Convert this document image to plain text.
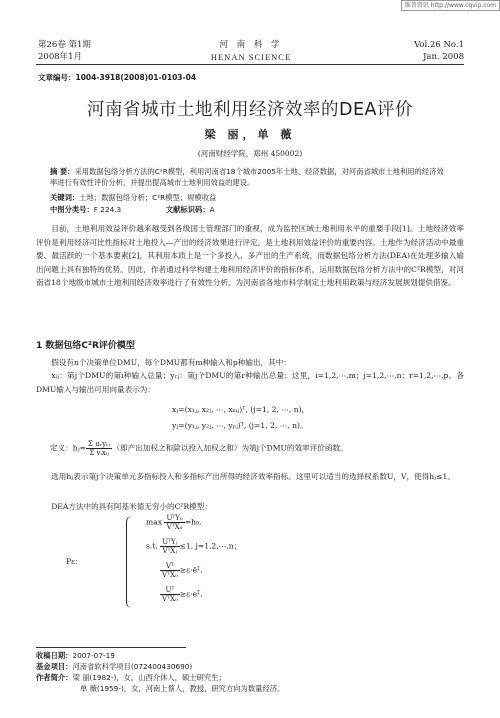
维普资讯 http://www.cqvip.com
第26卷 第1期	河 南 科 学	Vol.26 No.1
2008年1月	HENAN SCIENCE	Jan. 2008
文章编号：1004-3918(2008)01-0103-04
河南省城市土地利用经济效率的DEA评价
梁 丽，单 薇
(河南财经学院，郑州 450002)
摘 要：采用数据包络分析方法的C²R模型，利用河南省18个城市2005年土地、经济数据，对河南省城市土地利用的经济效率进行有效性评价分析，并提出提高城市土地利用效益的建设。
关键词：土地；数据包络分析；C²R模型；规模收益
中图分类号：F 224.3	文献标识码：A
目前，土地利用效益评价越来越受到各级国土管理部门的重视，成为监控区域土地利用水平的重要手段[1]。土地经济效率评价是利用经济可比性指标对土地投入—产出的经济效果进行评定，是土地利用效益评价的重要内容。土地作为经济活动中最重要、最活跃的一个基本要素[2]，其利用本质上是一个多投入、多产出的生产系统，而数据包络分析方法(DEA)在处理多输入输出问题上具有独特的优势。因此，作者通过科学构建土地利用经济评价的指标体系，运用数据包络分析方法中的C²R模型，对河南省18个地级市城市土地利用经济效率进行了有效性分析，为河南省各地市科学制定土地利用政策与经济发展规划提供借鉴。
1 数据包络C²R评价模型
假设有n个决策单位DMU，每个DMU都有m种输入和p种输出，其中：
xᵢⱼ：第j个DMU的第i种输入总量；yᵣⱼ：第j个DMU的第r种输出总量；这里，i=1,2,⋯,m；j=1,2,⋯,n；r=1,2,⋯,p。各DMU输入与输出可用向量表示为：
xⱼ=(x₁ⱼ, x₂ⱼ, ⋯, xₘⱼ)ᵀ, (j=1, 2, ⋯, n)，
yⱼ=(y₁ⱼ, y₂ⱼ, ⋯, yₚⱼ)ᵀ, (j=1, 2, ⋯, n)。
定义：hⱼ= $\frac{\text{Σ uᵣyᵣⱼ}}{\text{Σ vᵢxᵢⱼ}}$ （即产出加权之和除以投入加权之和）为第j个DMU的效率评价函数。
选用hⱼ表示第j个决策单元多指标投入和多指标产出所得的经济效率指标。这里可以适当的选择权系数U，V，使得hⱼ≤1。
DEA方法中的具有阿基米德无穷小的C²R模型：
Pε：
$\max \frac{\text{UᵀY₀}}{\text{VᵀX₀}} =h_0$,
s.t. $\frac{\text{UᵀYⱼ}}{\text{VᵀXⱼ}} \le 1$, j=1,2,⋯,n；
$\frac{\text{Vᵀ}}{\text{VᵀX₀}}$ ≥ε·ēᵀ,
$\frac{\text{Uᵀ}}{\text{VᵀX₀}}$ ≥ε·eᵀ,
收稿日期：2007-07-19
基金项目：河南省软科学项目(072400430690)
作者简介：梁 丽(1982-)，女，山西介休人，硕士研究生；
单 薇(1959-)，女，河南上蔡人，教授，研究方向为数量经济。
